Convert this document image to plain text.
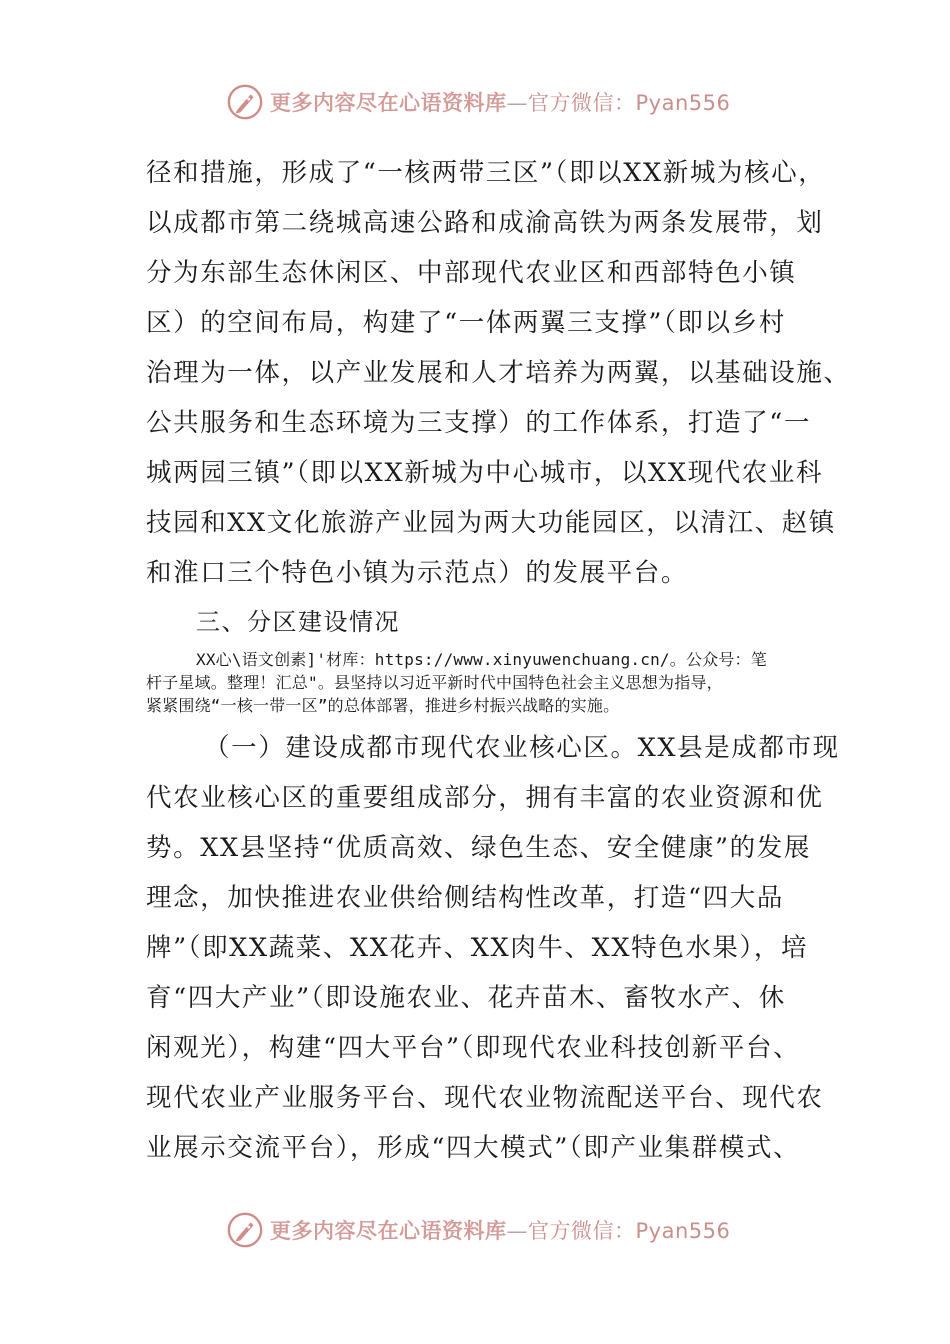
更多内容尽在心语资料库—官方微信：Pyan556
径和措施，形成了“一核两带三区”（即以XX新城为核心，
以成都市第二绕城高速公路和成渝高铁为两条发展带，划
分为东部生态休闲区、中部现代农业区和西部特色小镇
区）的空间布局，构建了“一体两翼三支撑”（即以乡村
治理为一体，以产业发展和人才培养为两翼，以基础设施、
公共服务和生态环境为三支撑）的工作体系，打造了“一
城两园三镇”（即以XX新城为中心城市，以XX现代农业科
技园和XX文化旅游产业园为两大功能园区，以清江、赵镇
和淮口三个特色小镇为示范点）的发展平台。
三、分区建设情况
XX心\语文创素]'材库：https://www.xinyuwenchuang.cn/。公众号：笔
杆子星域。整理！汇总"。县坚持以习近平新时代中国特色社会主义思想为指导，
紧紧围绕“一核一带一区”的总体部署，推进乡村振兴战略的实施。
（一）建设成都市现代农业核心区。XX县是成都市现
代农业核心区的重要组成部分，拥有丰富的农业资源和优
势。XX县坚持“优质高效、绿色生态、安全健康”的发展
理念，加快推进农业供给侧结构性改革，打造“四大品
牌”（即XX蔬菜、XX花卉、XX肉牛、XX特色水果），培
育“四大产业”（即设施农业、花卉苗木、畜牧水产、休
闲观光），构建“四大平台”（即现代农业科技创新平台、
现代农业产业服务平台、现代农业物流配送平台、现代农
业展示交流平台），形成“四大模式”（即产业集群模式、
更多内容尽在心语资料库—官方微信：Pyan556
